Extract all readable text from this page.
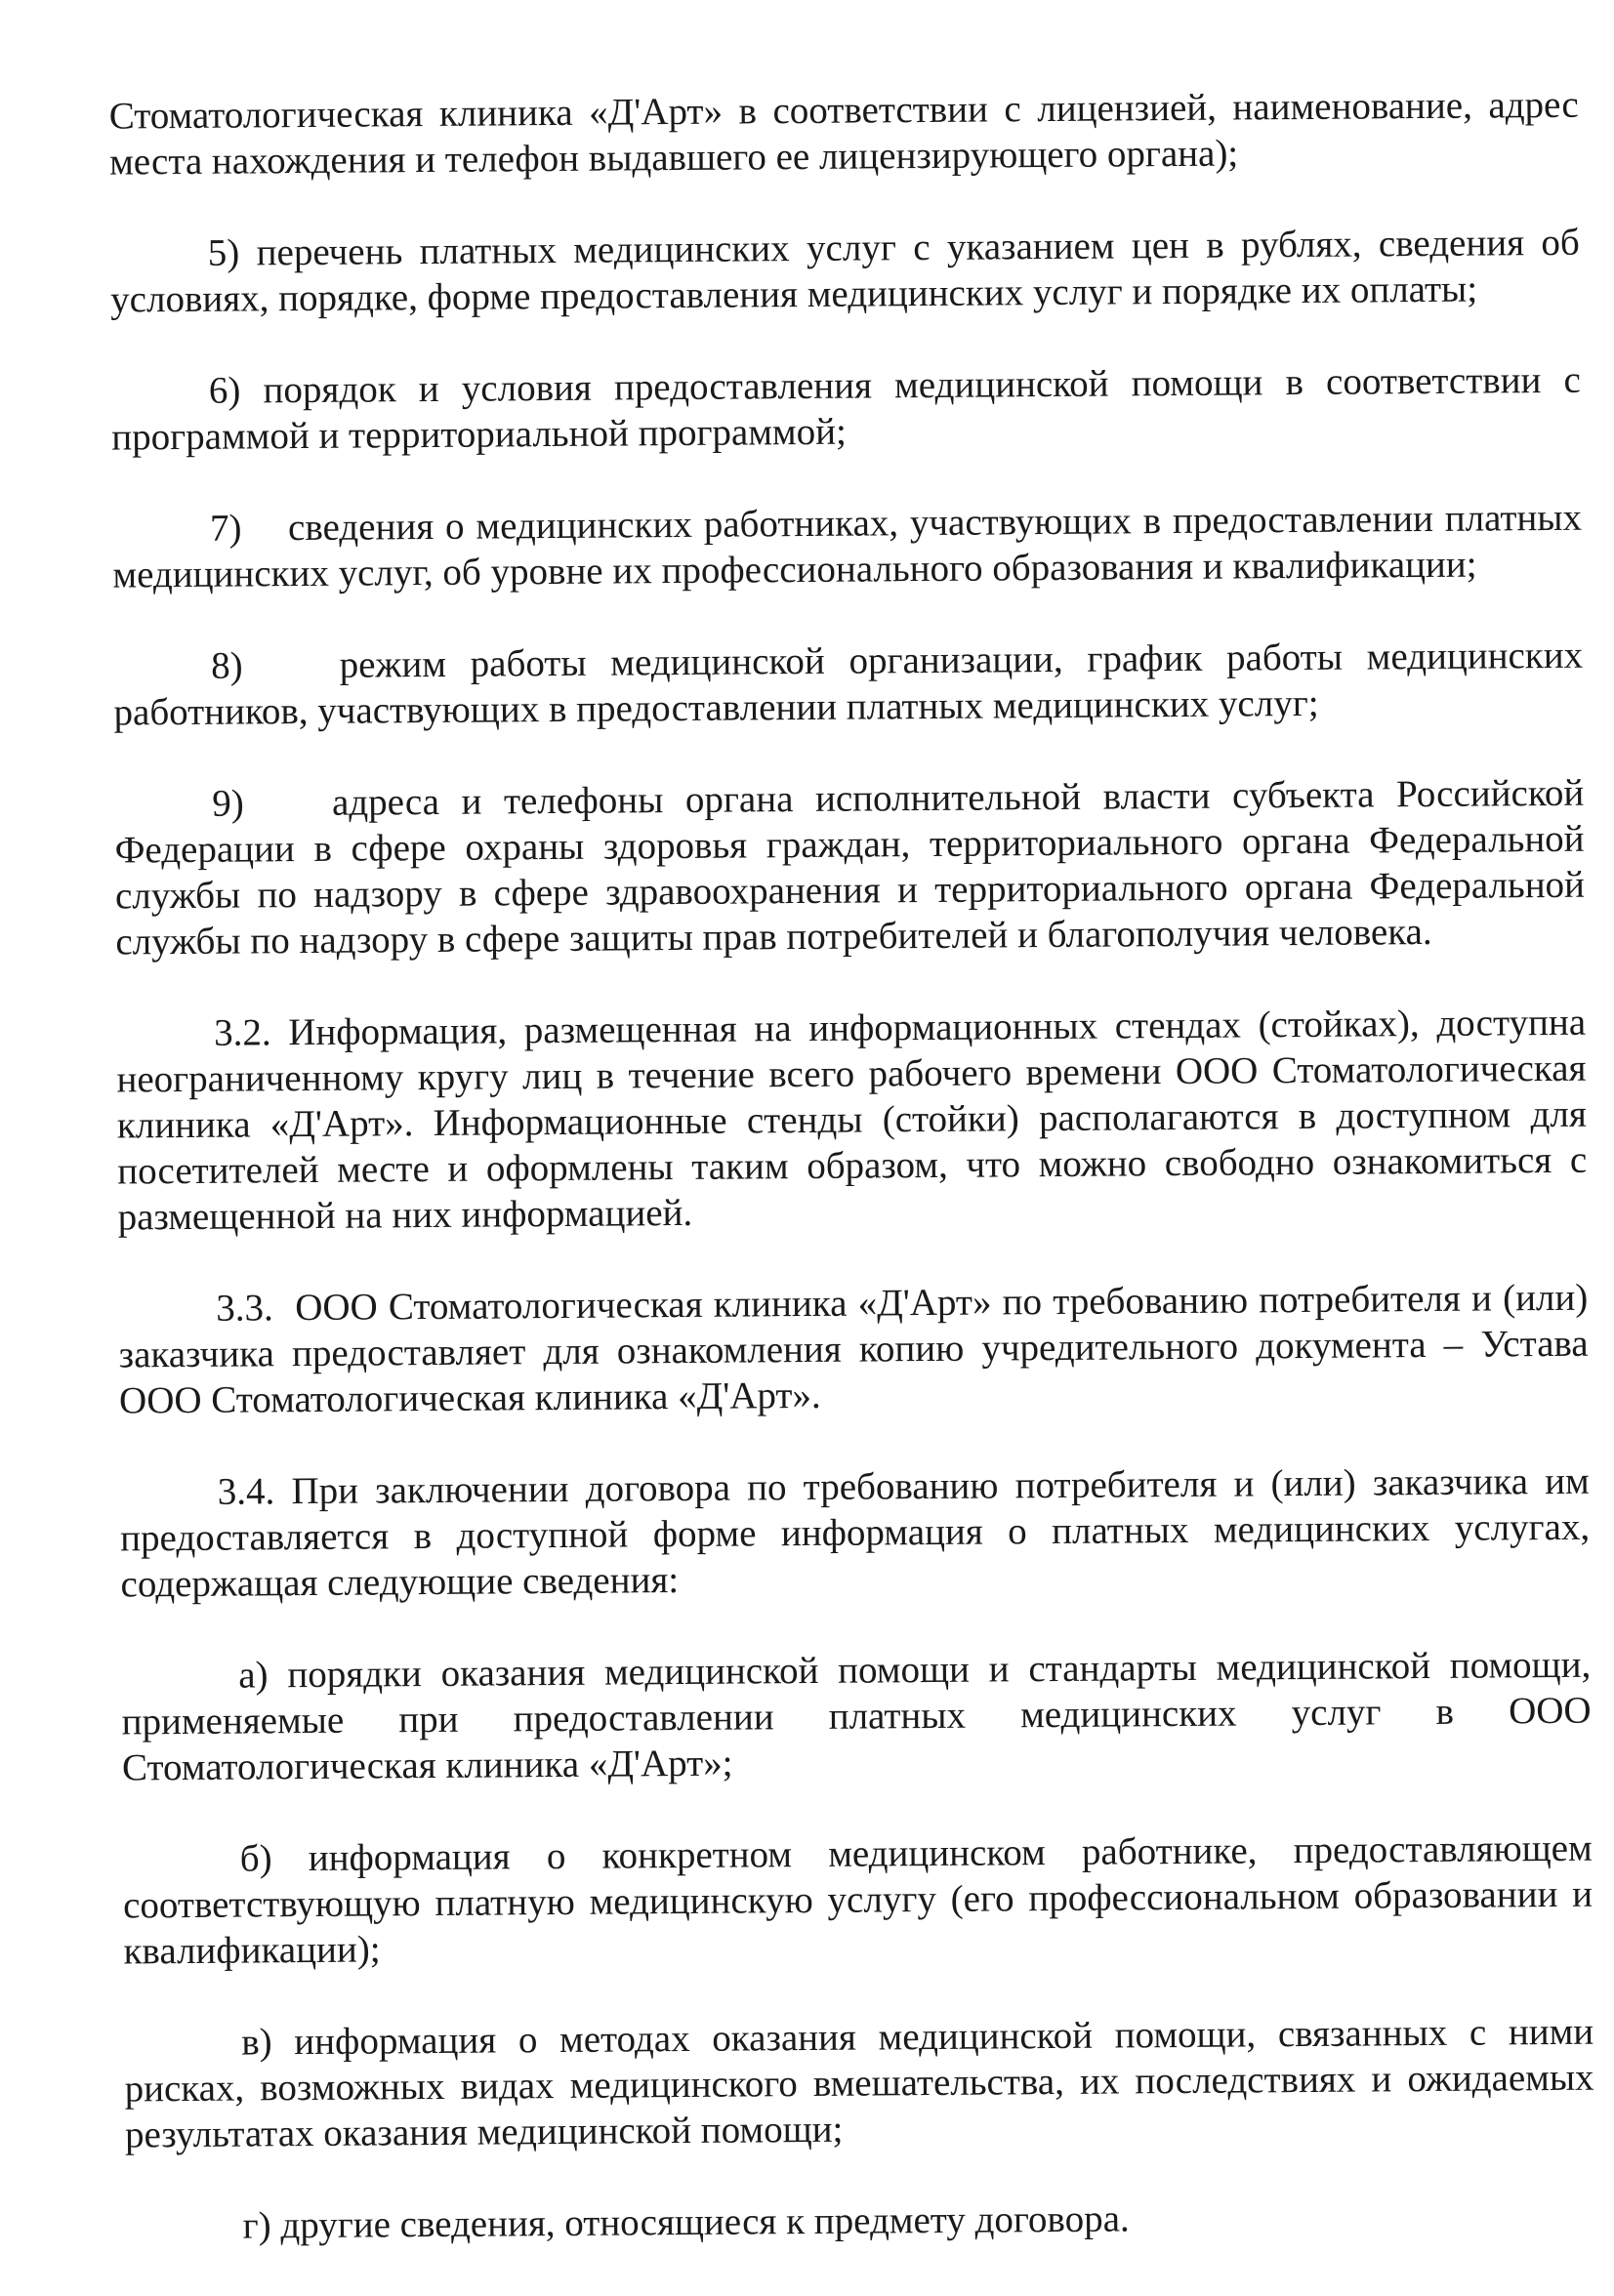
Стоматологическая клиника «Д'Арт» в соответствии с лицензией, наименование, адрес места нахождения и телефон выдавшего ее лицензирующего органа);

5) перечень платных медицинских услуг с указанием цен в рублях, сведения об условиях, порядке, форме предоставления медицинских услуг и порядке их оплаты;

6) порядок и условия предоставления медицинской помощи в соответствии с программой и территориальной программой;

7)    сведения о медицинских работниках, участвующих в предоставлении платных медицинских услуг, об уровне их профессионального образования и квалификации;

8)    режим работы медицинской организации, график работы медицинских работников, участвующих в предоставлении платных медицинских услуг;

9)    адреса и телефоны органа исполнительной власти субъекта Российской Федерации в сфере охраны здоровья граждан, территориального органа Федеральной службы по надзору в сфере здравоохранения и территориального органа Федеральной службы по надзору в сфере защиты прав потребителей и благополучия человека.

3.2. Информация, размещенная на информационных стендах (стойках), доступна неограниченному кругу лиц в течение всего рабочего времени ООО Стоматологическая клиника «Д'Арт». Информационные стенды (стойки) располагаются в доступном для посетителей месте и оформлены таким образом, что можно свободно ознакомиться с размещенной на них информацией.

3.3.  ООО Стоматологическая клиника «Д'Арт» по требованию потребителя и (или) заказчика предоставляет для ознакомления копию учредительного документа – Устава ООО Стоматологическая клиника «Д'Арт».

3.4. При заключении договора по требованию потребителя и (или) заказчика им предоставляется в доступной форме информация о платных медицинских услугах, содержащая следующие сведения:

а) порядки оказания медицинской помощи и стандарты медицинской помощи, применяемые при предоставлении платных медицинских услуг в ООО Стоматологическая клиника «Д'Арт»;

б) информация о конкретном медицинском работнике, предоставляющем соответствующую платную медицинскую услугу (его профессиональном образовании и квалификации);

в) информация о методах оказания медицинской помощи, связанных с ними рисках, возможных видах медицинского вмешательства, их последствиях и ожидаемых результатах оказания медицинской помощи;

г) другие сведения, относящиеся к предмету договора.
